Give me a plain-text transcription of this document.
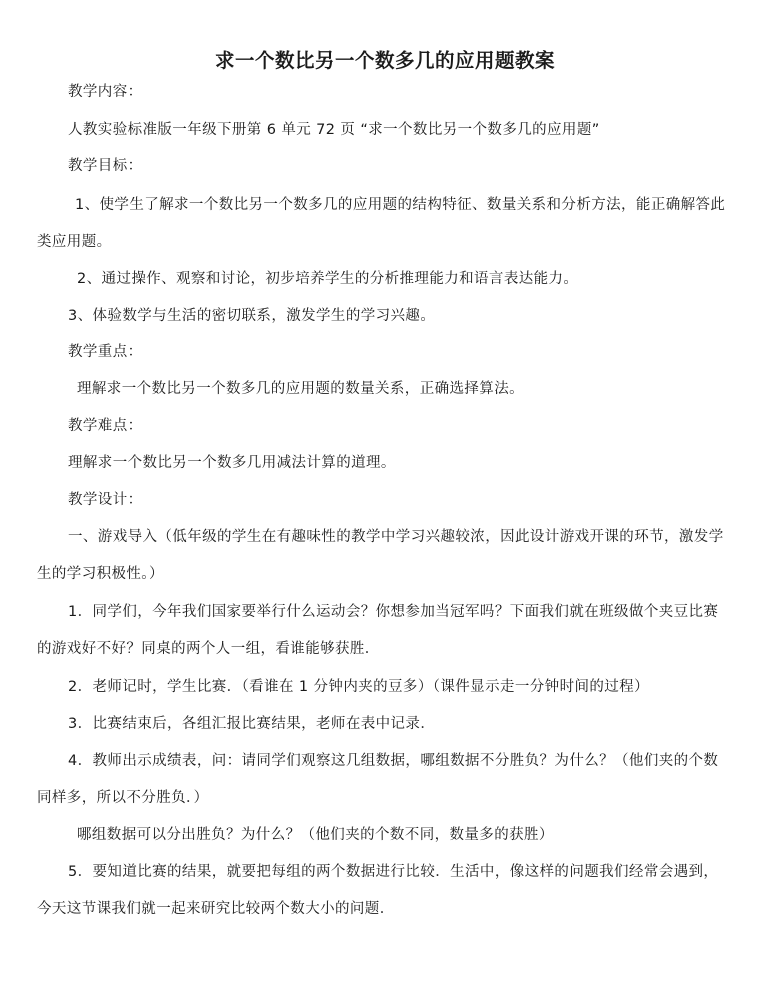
求一个数比另一个数多几的应用题教案
教学内容：
人教实验标准版一年级下册第 6 单元 72 页 “求一个数比另一个数多几的应用题”
教学目标：
1、使学生了解求一个数比另一个数多几的应用题的结构特征、数量关系和分析方法，能正确解答此类应用题。
2、通过操作、观察和讨论，初步培养学生的分析推理能力和语言表达能力。
3、体验数学与生活的密切联系，激发学生的学习兴趣。
教学重点：
理解求一个数比另一个数多几的应用题的数量关系，正确选择算法。
教学难点：
理解求一个数比另一个数多几用减法计算的道理。
教学设计：
一、游戏导入（低年级的学生在有趣味性的教学中学习兴趣较浓，因此设计游戏开课的环节，激发学生的学习积极性。）
1．同学们，今年我们国家要举行什么运动会？你想参加当冠军吗？下面我们就在班级做个夹豆比赛的游戏好不好？同桌的两个人一组，看谁能够获胜．
2．老师记时，学生比赛．（看谁在 1 分钟内夹的豆多）（课件显示走一分钟时间的过程）
3．比赛结束后，各组汇报比赛结果，老师在表中记录．
4．教师出示成绩表，问：请同学们观察这几组数据，哪组数据不分胜负？为什么？（他们夹的个数同样多，所以不分胜负．）
哪组数据可以分出胜负？为什么？（他们夹的个数不同，数量多的获胜）
5．要知道比赛的结果，就要把每组的两个数据进行比较．生活中，像这样的问题我们经常会遇到，今天这节课我们就一起来研究比较两个数大小的问题．
